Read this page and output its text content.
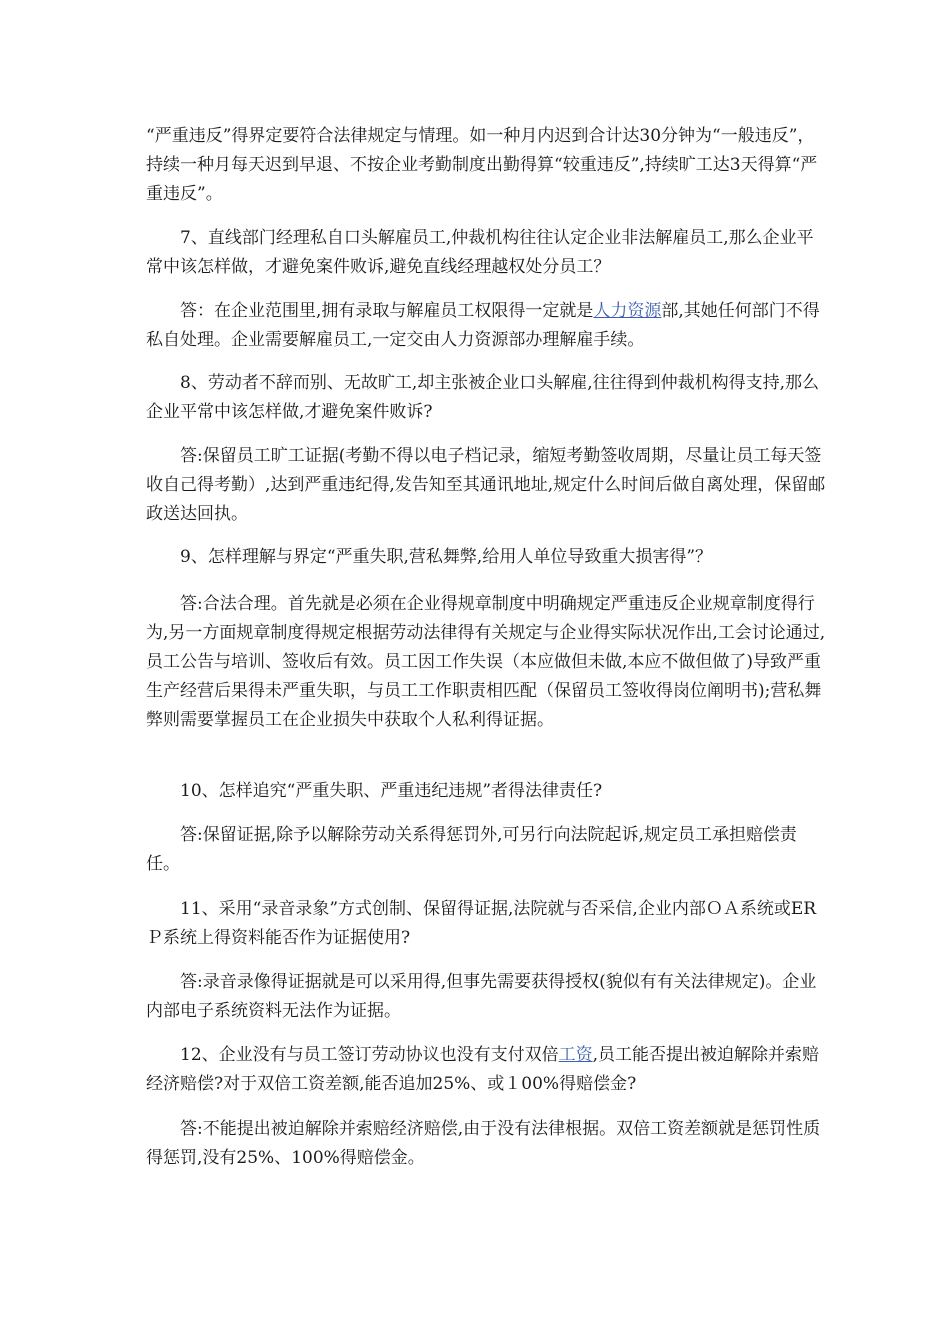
“严重违反”得界定要符合法律规定与情理。如一种月内迟到合计达30分钟为“一般违反”，持续一种月每天迟到早退、不按企业考勤制度出勤得算“较重违反”,持续旷工达3天得算“严重违反”。

7、直线部门经理私自口头解雇员工,仲裁机构往往认定企业非法解雇员工,那么企业平常中该怎样做，才避免案件败诉,避免直线经理越权处分员工？

答：在企业范围里,拥有录取与解雇员工权限得一定就是人力资源部,其她任何部门不得私自处理。企业需要解雇员工,一定交由人力资源部办理解雇手续。

8、劳动者不辞而别、无故旷工,却主张被企业口头解雇,往往得到仲裁机构得支持,那么企业平常中该怎样做,才避免案件败诉?

答:保留员工旷工证据(考勤不得以电子档记录，缩短考勤签收周期，尽量让员工每天签收自己得考勤）,达到严重违纪得,发告知至其通讯地址,规定什么时间后做自离处理，保留邮政送达回执。

9、怎样理解与界定“严重失职,营私舞弊,给用人单位导致重大损害得”？

答:合法合理。首先就是必须在企业得规章制度中明确规定严重违反企业规章制度得行为,另一方面规章制度得规定根据劳动法律得有关规定与企业得实际状况作出,工会讨论通过,员工公告与培训、签收后有效。员工因工作失误（本应做但未做,本应不做但做了)导致严重生产经营后果得未严重失职，与员工工作职责相匹配（保留员工签收得岗位阐明书);营私舞弊则需要掌握员工在企业损失中获取个人私利得证据。

10、怎样追究“严重失职、严重违纪违规”者得法律责任?

答:保留证据,除予以解除劳动关系得惩罚外,可另行向法院起诉,规定员工承担赔偿责任。

11、采用“录音录象”方式创制、保留得证据,法院就与否采信,企业内部ＯＡ系统或ERＰ系统上得资料能否作为证据使用?

答:录音录像得证据就是可以采用得,但事先需要获得授权(貌似有有关法律规定)。企业内部电子系统资料无法作为证据。

12、企业没有与员工签订劳动协议也没有支付双倍工资,员工能否提出被迫解除并索赔经济赔偿?对于双倍工资差额,能否追加25%、或１00%得赔偿金?

答:不能提出被迫解除并索赔经济赔偿,由于没有法律根据。双倍工资差额就是惩罚性质得惩罚,没有25%、100%得赔偿金。
